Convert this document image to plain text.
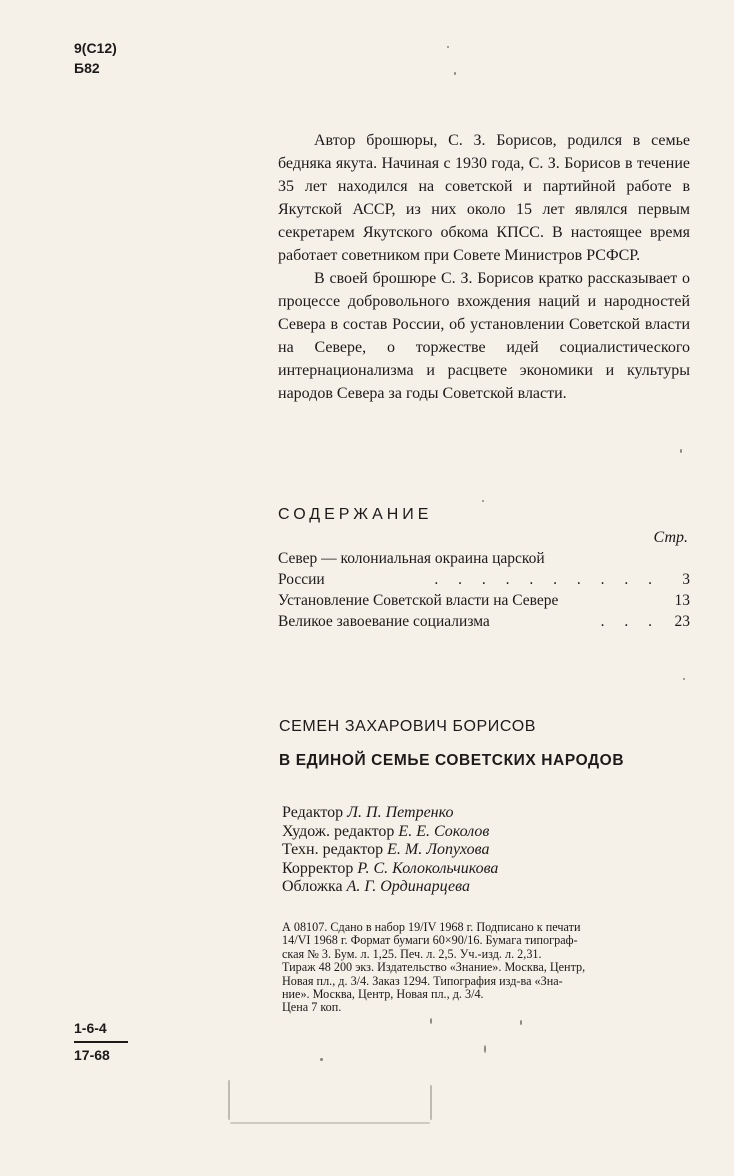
9(С12)
Б82

Автор брошюры, С. З. Борисов, родился в семье бедняка якута. Начиная с 1930 года, С. З. Борисов в течение 35 лет находился на советской и партийной работе в Якутской АССР, из них около 15 лет являлся первым секретарем Якутского обкома КПСС. В настоящее время работает советником при Совете Министров РСФСР.

В своей брошюре С. З. Борисов кратко рассказывает о процессе добровольного вхождения наций и народностей Севера в состав России, об установлении Советской власти на Севере, о торжестве идей социалистического интернационализма и расцвете экономики и культуры народов Севера за годы Советской власти.

СОДЕРЖАНИЕ
Стр.
Север — колониальная окраина царской
России	. . . . . . . . . .	3
Установление Советской власти на Севере	13
Великое завоевание социализма	. . . 23
СЕМЕН ЗАХАРОВИЧ БОРИСОВ
В ЕДИНОЙ СЕМЬЕ СОВЕТСКИХ НАРОДОВ
Редактор Л. П. Петренко
Худож. редактор Е. Е. Соколов
Техн. редактор Е. М. Лопухова
Корректор Р. С. Колокольчикова
Обложка А. Г. Ординарцева
А 08107. Сдано в набор 19/IV 1968 г. Подписано к печати
14/VI 1968 г. Формат бумаги 60×90/16. Бумага типограф-
ская № 3. Бум. л. 1,25. Печ. л. 2,5. Уч.-изд. л. 2,31.
Тираж 48 200 экз. Издательство «Знание». Москва, Центр,
Новая пл., д. 3/4. Заказ 1294. Типография изд-ва «Зна-
ние». Москва, Центр, Новая пл., д. 3/4.
Цена 7 коп.
1-6-4
17-68
